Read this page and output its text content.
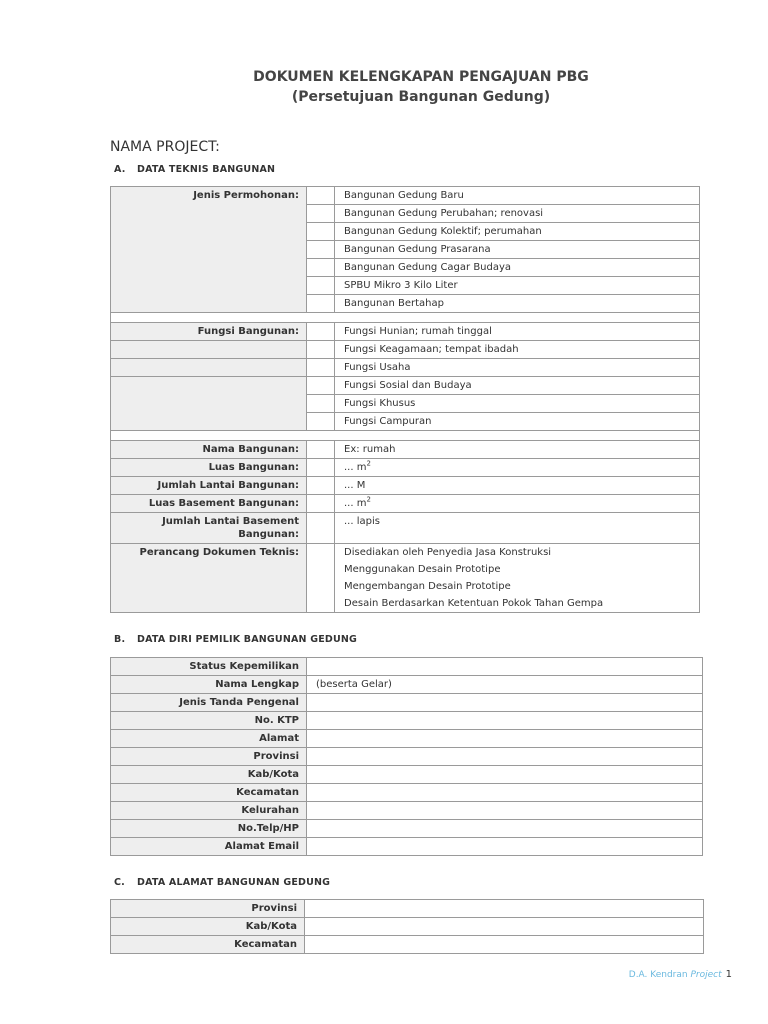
DOKUMEN KELENGKAPAN PENGAJUAN PBG
(Persetujuan Bangunan Gedung)
NAMA PROJECT:
A. DATA TEKNIS BANGUNAN
Jenis Permohonan:		Bangunan Gedung Baru
		Bangunan Gedung Perubahan; renovasi
		Bangunan Gedung Kolektif; perumahan
		Bangunan Gedung Prasarana
		Bangunan Gedung Cagar Budaya
		SPBU Mikro 3 Kilo Liter
		Bangunan Bertahap

Fungsi Bangunan:		Fungsi Hunian; rumah tinggal
		Fungsi Keagamaan; tempat ibadah
		Fungsi Usaha
		Fungsi Sosial dan Budaya
		Fungsi Khusus
		Fungsi Campuran

Nama Bangunan:		Ex: rumah
Luas Bangunan:		... $m^2$
Jumlah Lantai Bangunan:		... M
Luas Basement Bangunan:		... $m^2$
Jumlah Lantai Basement
Bangunan:		... lapis
Perancang Dokumen Teknis:		Disediakan oleh Penyedia Jasa Konstruksi
		Menggunakan Desain Prototipe
		Mengembangan Desain Prototipe
		Desain Berdasarkan Ketentuan Pokok Tahan Gempa
B. DATA DIRI PEMILIK BANGUNAN GEDUNG
Status Kepemilikan	
Nama Lengkap	(beserta Gelar)
Jenis Tanda Pengenal	
No. KTP	
Alamat	
Provinsi	
Kab/Kota	
Kecamatan	
Kelurahan	
No.Telp/HP	
Alamat Email	
C. DATA ALAMAT BANGUNAN GEDUNG
Provinsi	
Kab/Kota	
Kecamatan	
D.A. Kendran Project 1
